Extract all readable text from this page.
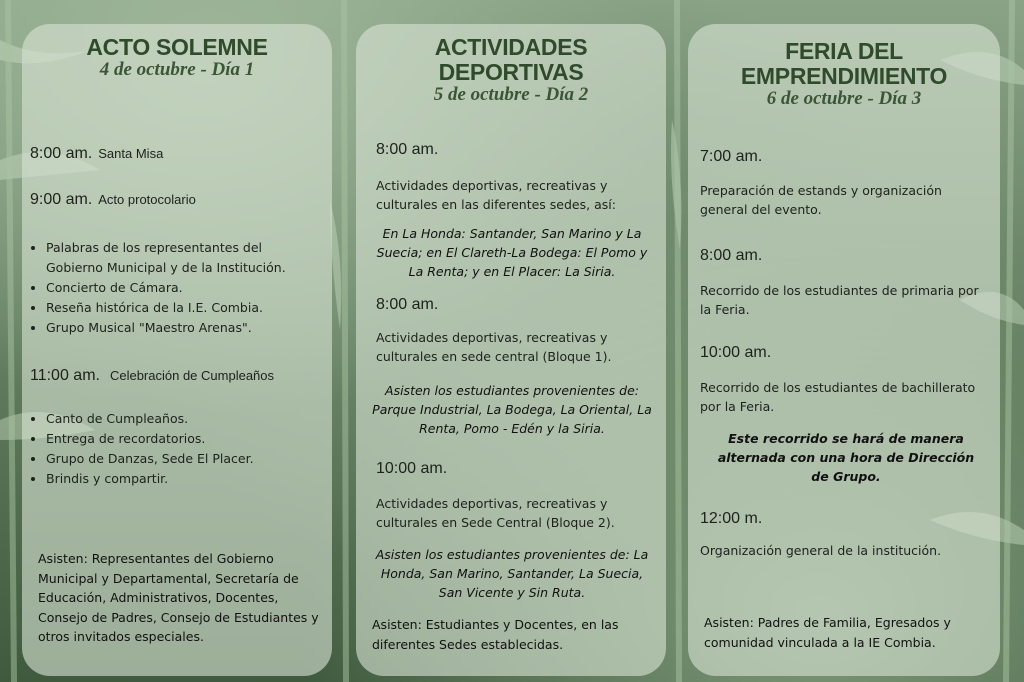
ACTO SOLEMNE

4 de octubre - Día 1

8:00 am. Santa Misa
9:00 am. Acto protocolario
• Palabras de los representantes del Gobierno Municipal y de la Institución.
• Concierto de Cámara.
• Reseña histórica de la I.E. Combia.
• Grupo Musical "Maestro Arenas".
11:00 am. Celebración de Cumpleaños
• Canto de Cumpleaños.
• Entrega de recordatorios.
• Grupo de Danzas, Sede El Placer.
• Brindis y compartir.

Asisten: Representantes del Gobierno Municipal y Departamental, Secretaría de Educación, Administrativos, Docentes, Consejo de Padres, Consejo de Estudiantes y otros invitados especiales.

ACTIVIDADES
DEPORTIVAS

5 de octubre - Día 2

8:00 am.

Actividades deportivas, recreativas y culturales en las diferentes sedes, así:

En La Honda: Santander, San Marino y La Suecia; en El Clareth-La Bodega: El Pomo y La Renta; y en El Placer: La Siria.

8:00 am.

Actividades deportivas, recreativas y culturales en sede central (Bloque 1).

Asisten los estudiantes provenientes de: Parque Industrial, La Bodega, La Oriental, La Renta, Pomo - Edén y la Siria.

10:00 am.

Actividades deportivas, recreativas y culturales en Sede Central (Bloque 2).

Asisten los estudiantes provenientes de: La Honda, San Marino, Santander, La Suecia, San Vicente y Sin Ruta.

Asisten: Estudiantes y Docentes, en las diferentes Sedes establecidas.

FERIA DEL
EMPRENDIMIENTO

6 de octubre - Día 3

7:00 am.

Preparación de estands y organización general del evento.

8:00 am.

Recorrido de los estudiantes de primaria por la Feria.

10:00 am.

Recorrido de los estudiantes de bachillerato por la Feria.

Este recorrido se hará de manera alternada con una hora de Dirección de Grupo.

12:00 m.

Organización general de la institución.

Asisten: Padres de Familia, Egresados y comunidad vinculada a la IE Combia.
